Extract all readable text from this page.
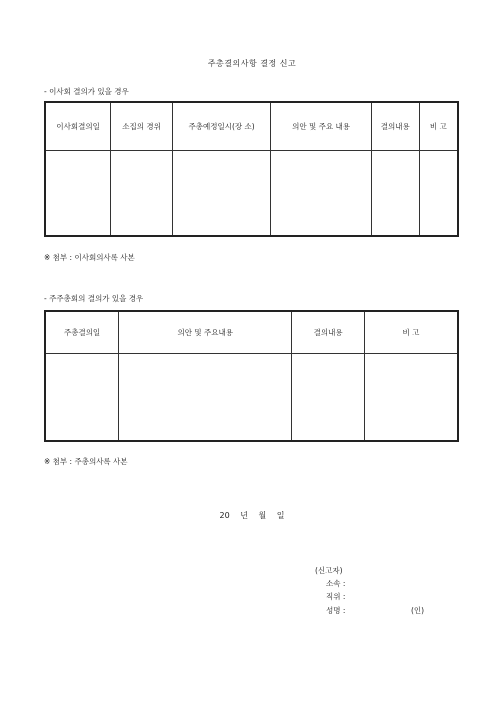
주총결의사항 결정 신고
- 이사회 결의가 있을 경우
이사회결의일	소집의 경위	주총예정일시(장 소)	의안 및 주요 내용	결의내용	비 고

※ 첨부 : 이사회의사록 사본
- 주주총회의 결의가 있을 경우
주총결의일	의안 및 주요내용	결의내용	비 고

※ 첨부 : 주총의사록 사본
20 년 월 일
(신고자)
소속 :
직위 :
성명 :	(인)
